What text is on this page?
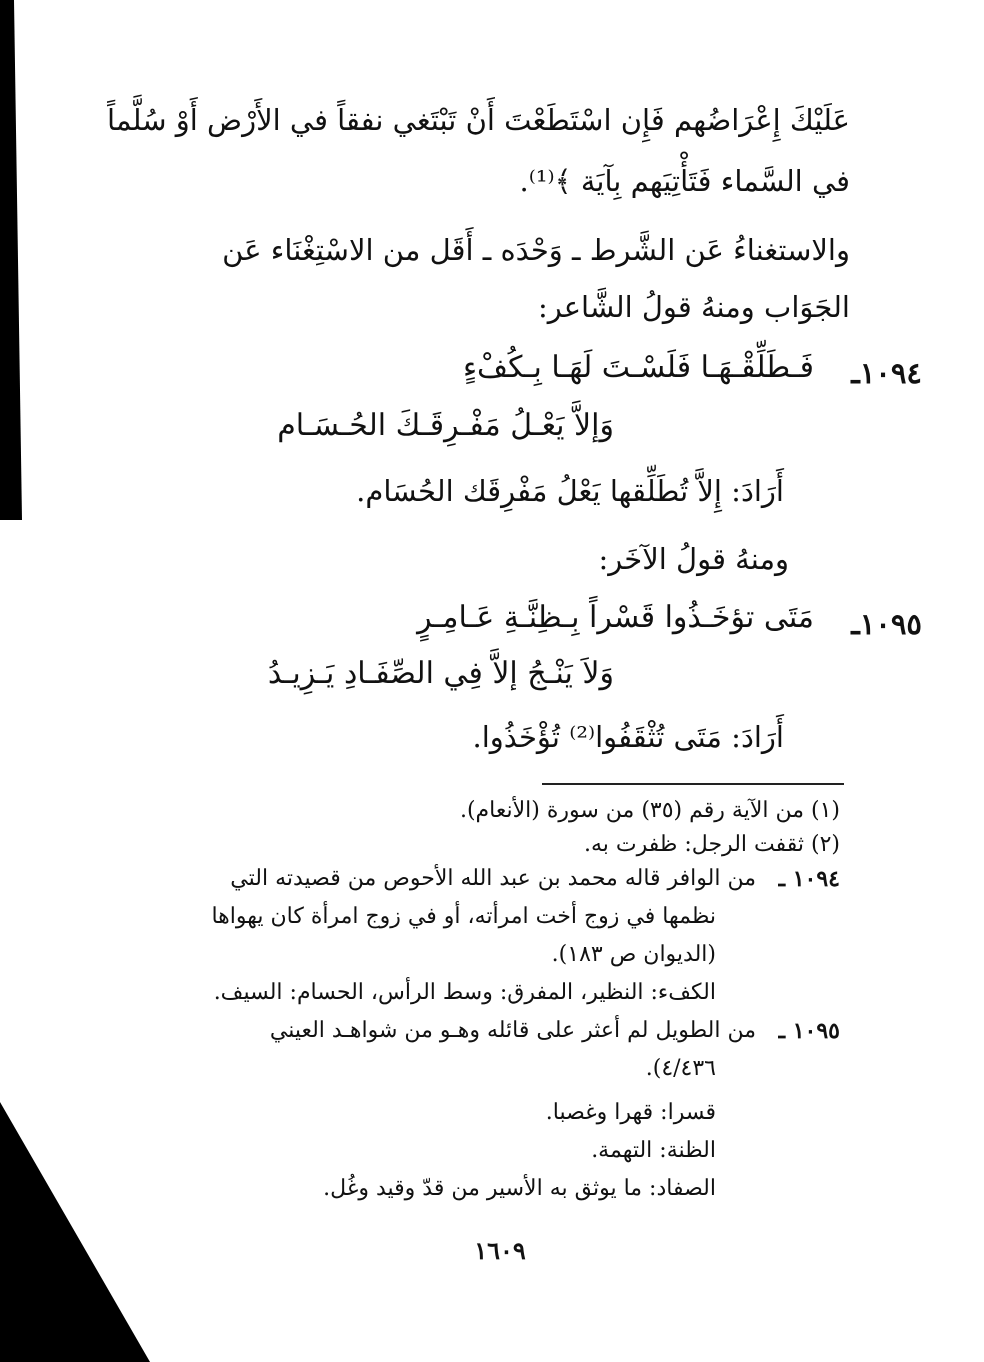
عَلَيْكَ إِعْرَاضُهم فَإِن اسْتَطَعْتَ أَنْ تَبْتَغي نفقاً في الأَرْض أَوْ سُلَّماً
في السَّماء فَتَأْتِيَهم بِآيَة ﴾⁽¹⁾.
والاستغناءُ عَن الشَّرط ـ وَحْدَه ـ أَقَل من الاسْتِغْنَاء عَن
الجَوَاب ومنهُ قولُ الشَّاعر:
١٠٩٤ـ
فَـطَلِّقْـهَـا فَلَسْـتَ لَهَـا بِـكُفْءٍ
وَإلاَّ يَعْـلُ مَفْـرِقَـكَ الحُـسَـام
أَرَادَ: إِلاَّ تُطَلِّقها يَعْلُ مَفْرِقَك الحُسَام.
ومنهُ قولُ الآخَر:
١٠٩٥ـ
مَتَى تؤخَـذُوا قَسْراً بِـظِنَّـةِ عَـامِـرٍ
وَلاَ يَنْـجُ إلاَّ فِي الصِّفَـادِ يَـزِيـدُ
أَرَادَ: مَتَى تُثْقَفُوا⁽²⁾ تُؤْخَذُوا.
(١) من الآية رقم (٣٥) من سورة (الأنعام).
(٢) ثقفت الرجل: ظفرت به.
١٠٩٤ ـ
من الوافر قاله محمد بن عبد الله الأحوص من قصيدته التي
نظمها في زوج أخت امرأته، أو في زوج امرأة كان يهواها
(الديوان ص ١٨٣).
الكفء: النظير، المفرق: وسط الرأس، الحسام: السيف.
١٠٩٥ ـ
من الطويل لم أعثر على قائله وهـو من شواهـد العيني
٤/٤٣٦).
قسرا: قهرا وغصبا.
الظنة: التهمة.
الصفاد: ما يوثق به الأسير من قدّ وقيد وغُل.
١٦٠٩
